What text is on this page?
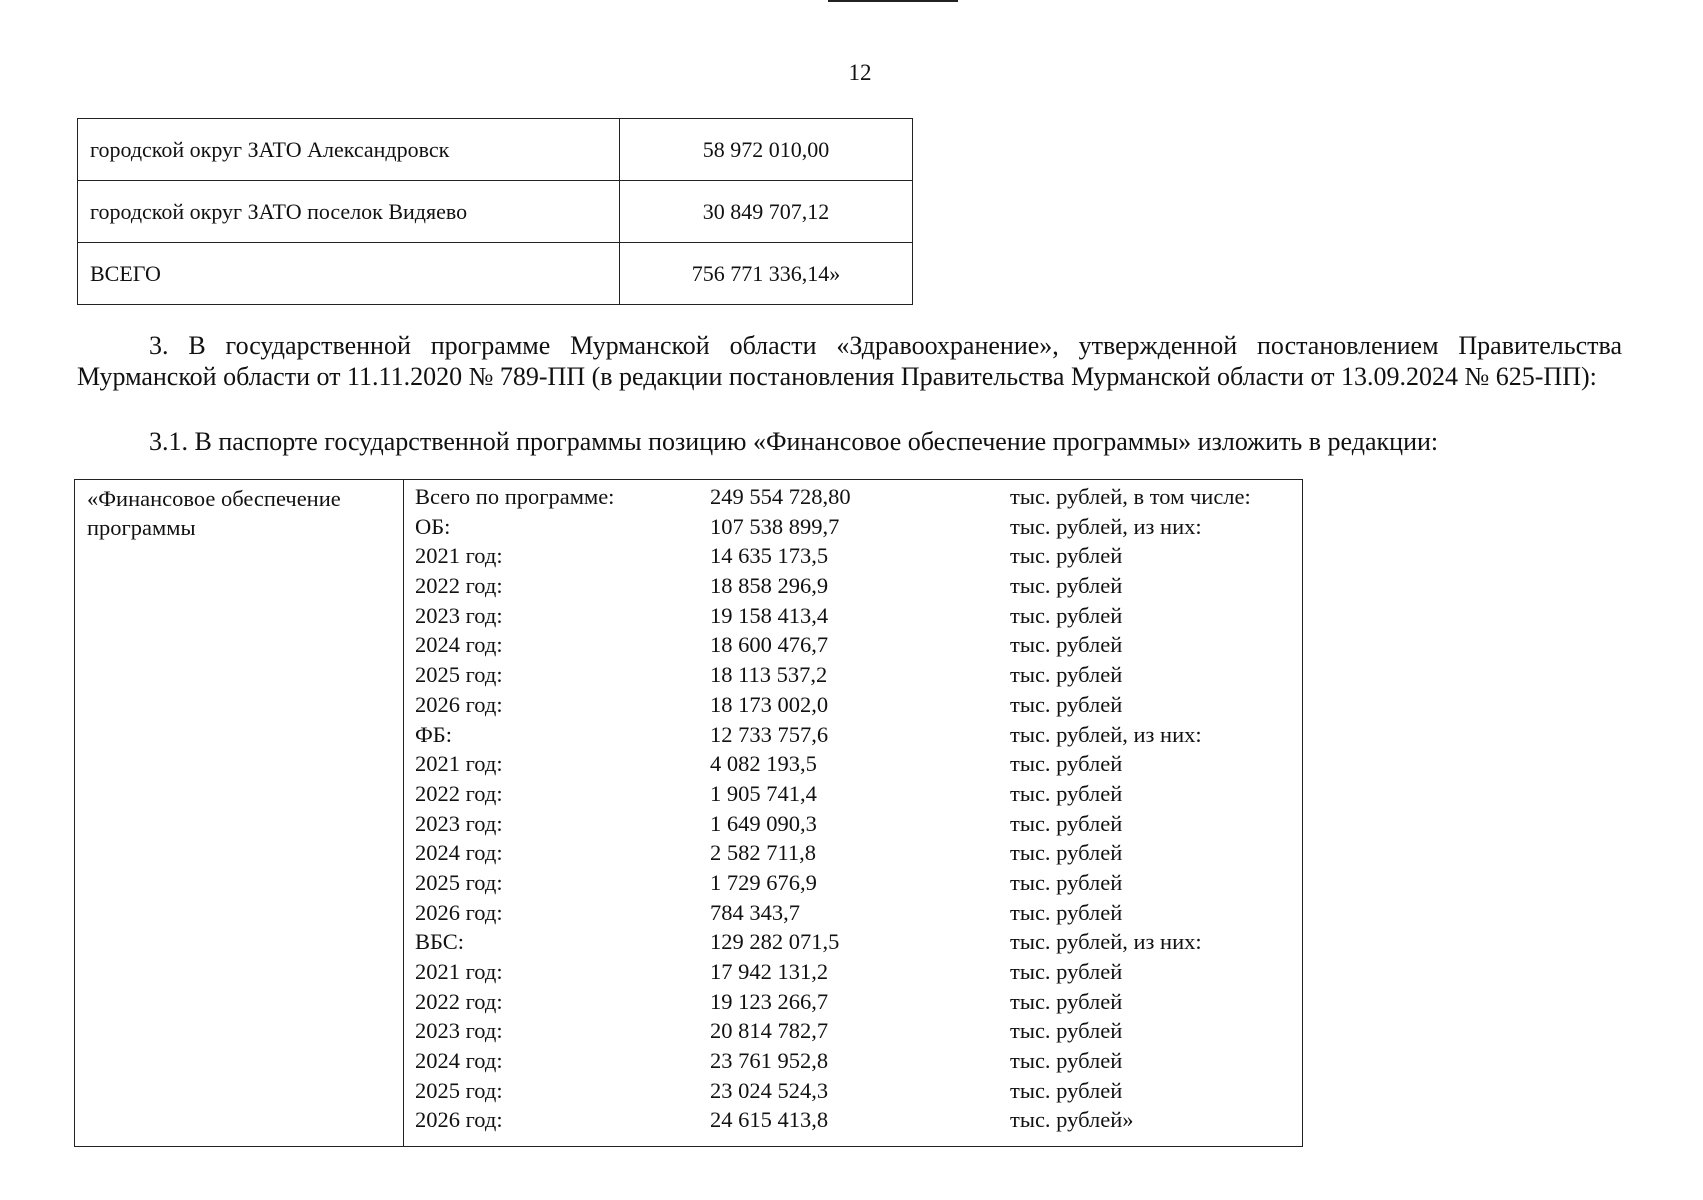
12
городской округ ЗАТО Александровск	58 972 010,00
городской округ ЗАТО поселок Видяево	30 849 707,12
ВСЕГО	756 771 336,14»
3. В государственной программе Мурманской области «Здравоохранение», утвержденной постановлением Правительства Мурманской области от 11.11.2020 № 789-ПП (в редакции постановления Правительства Мурманской области от 13.09.2024 № 625-ПП):
3.1. В паспорте государственной программы позицию «Финансовое обеспечение программы» изложить в редакции:
«Финансовое обеспечение программы
Всего по программе:	249 554 728,80	тыс. рублей, в том числе:
ОБ:	107 538 899,7	тыс. рублей, из них:
2021 год:	14 635 173,5	тыс. рублей
2022 год:	18 858 296,9	тыс. рублей
2023 год:	19 158 413,4	тыс. рублей
2024 год:	18 600 476,7	тыс. рублей
2025 год:	18 113 537,2	тыс. рублей
2026 год:	18 173 002,0	тыс. рублей
ФБ:	12 733 757,6	тыс. рублей, из них:
2021 год:	4 082 193,5	тыс. рублей
2022 год:	1 905 741,4	тыс. рублей
2023 год:	1 649 090,3	тыс. рублей
2024 год:	2 582 711,8	тыс. рублей
2025 год:	1 729 676,9	тыс. рублей
2026 год:	784 343,7	тыс. рублей
ВБС:	129 282 071,5	тыс. рублей, из них:
2021 год:	17 942 131,2	тыс. рублей
2022 год:	19 123 266,7	тыс. рублей
2023 год:	20 814 782,7	тыс. рублей
2024 год:	23 761 952,8	тыс. рублей
2025 год:	23 024 524,3	тыс. рублей
2026 год:	24 615 413,8	тыс. рублей»
